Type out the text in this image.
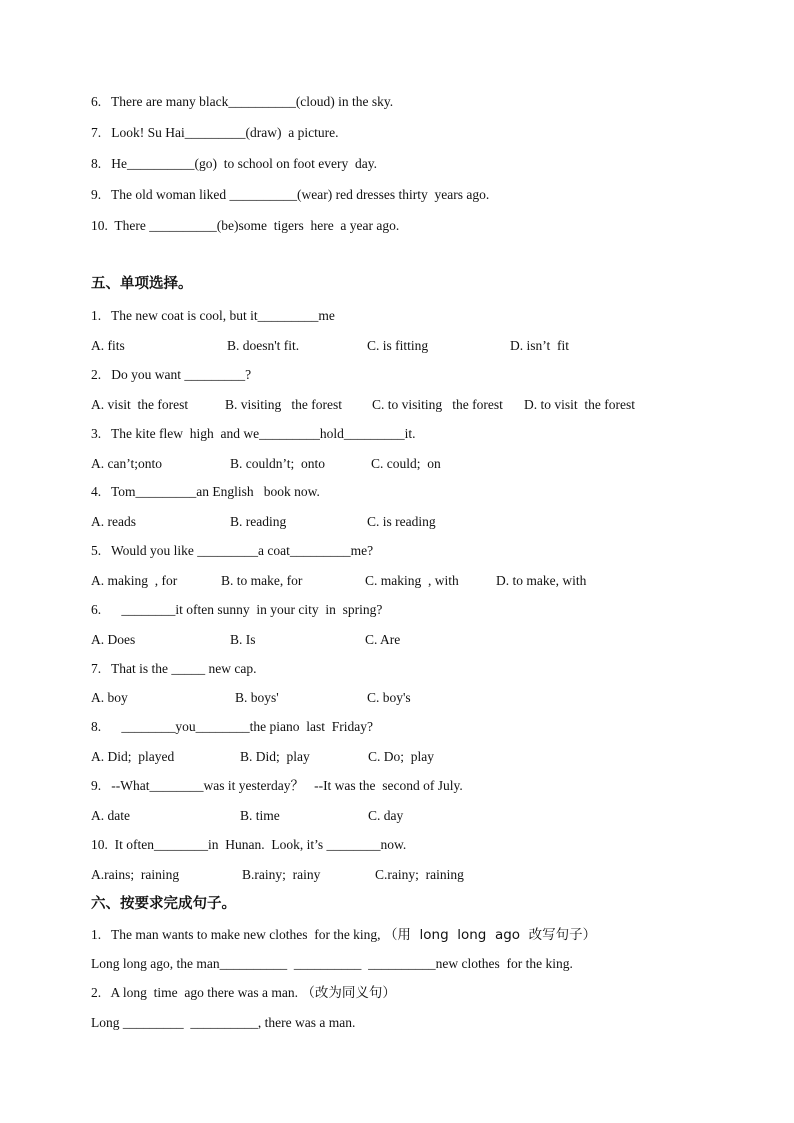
6.   There are many black__________(cloud) in the sky.
7.   Look! Su Hai_________(draw)  a picture.
8.   He__________(go)  to school on foot every  day.
9.   The old woman liked __________(wear) red dresses thirty  years ago.
10.  There __________(be)some  tigers  here  a year ago.
五、单项选择。
1.   The new coat is cool, but it_________me
A. fits	B. doesn't fit.	C. is fitting	D. isn’t  fit
2.   Do you want _________?
A. visit  the forest	B. visiting   the forest C. to visiting   the forest D. to visit  the forest
3.   The kite flew  high  and we_________hold_________it.
A. can’t;onto	B. couldn’t;  onto	C. could;  on
4.   Tom_________an English   book now.
A. reads	B. reading	C. is reading
5.   Would you like _________a coat_________me?
A. making  , for	B. to make, for	C. making  , with	D. to make, with
6.      ________it often sunny  in your city  in  spring?
A. Does	B. Is	C. Are
7.   That is the _____ new cap.
A. boy	B. boys'	C. boy's
8.      ________you________the piano  last  Friday?
A. Did;  played	B. Did;  play	C. Do;  play
9.   --What________was it yesterday？   --It was the  second of July.
A. date	B. time	C. day
10.  It often________in  Hunan.  Look, it’s ________now.
A.rains;  raining	B.rainy;  rainy	C.rainy;  raining
六、按要求完成句子。
1.   The man wants to make new clothes  for the king, （用  long  long  ago  改写句子）
Long long ago, the man__________  __________  __________new clothes  for the king.
2.   A long  time  ago there was a man. （改为同义句）
Long _________  __________, there was a man.
